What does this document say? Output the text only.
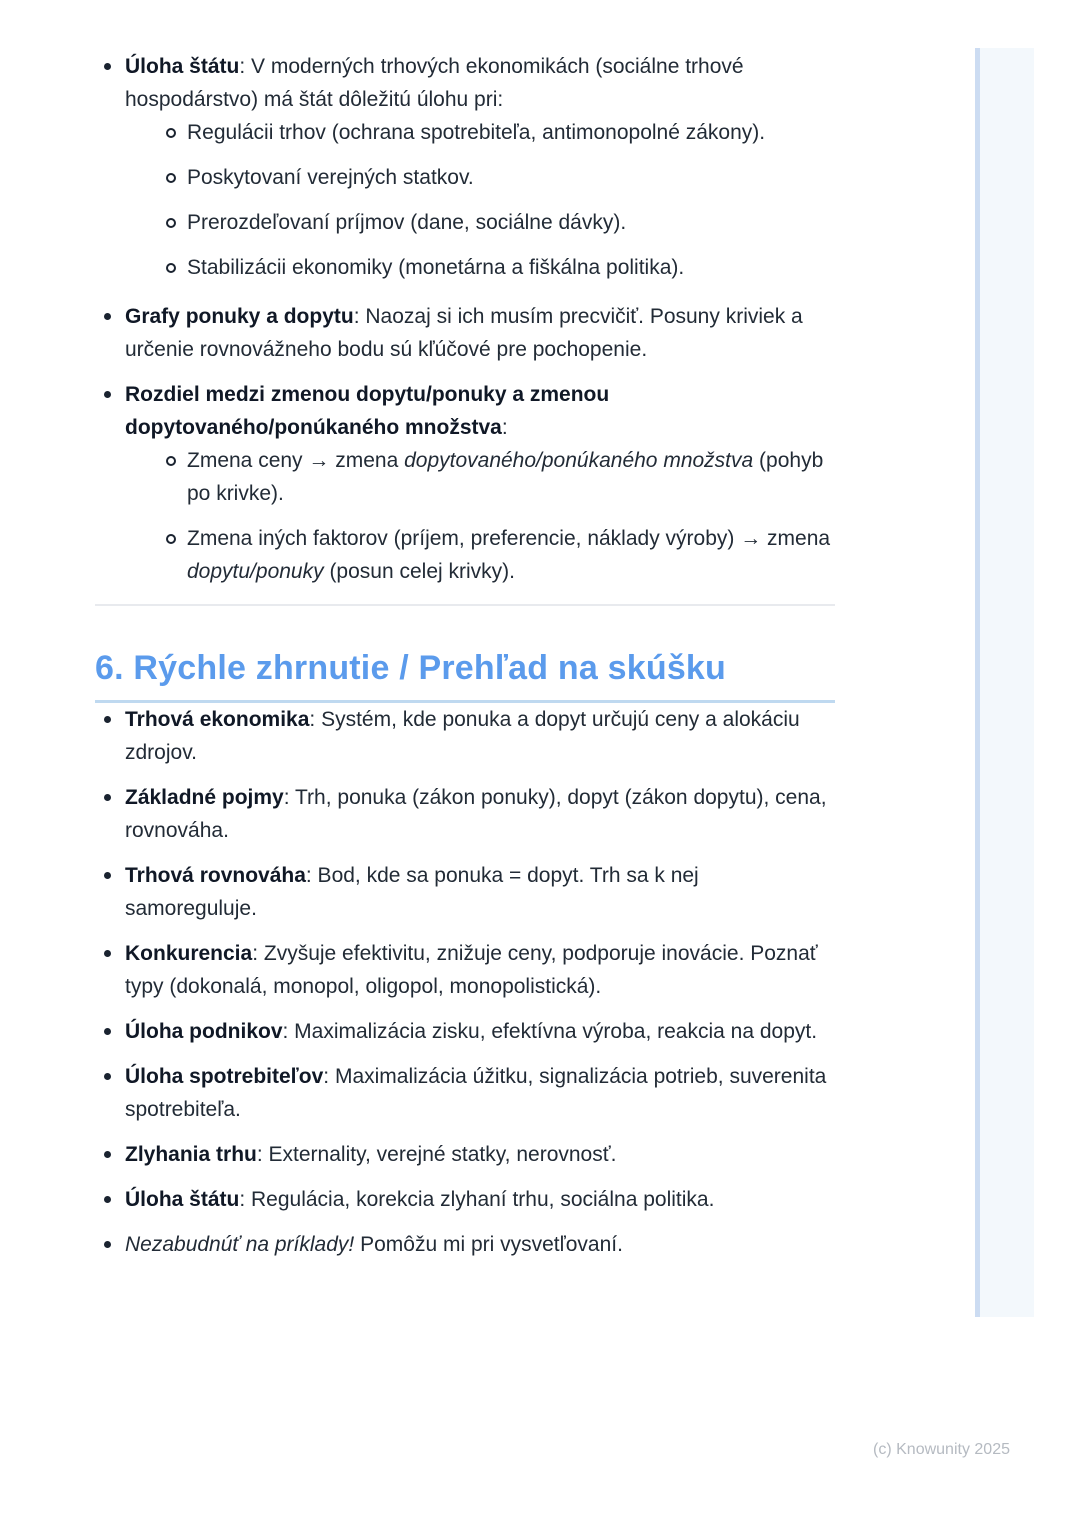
Úloha štátu: V moderných trhových ekonomikách (sociálne trhové hospodárstvo) má štát dôležitú úlohu pri:
Regulácii trhov (ochrana spotrebiteľa, antimonopolné zákony).
Poskytovaní verejných statkov.
Prerozdeľovaní príjmov (dane, sociálne dávky).
Stabilizácii ekonomiky (monetárna a fiškálna politika).
Grafy ponuky a dopytu: Naozaj si ich musím precvičiť. Posuny kriviek a určenie rovnovážneho bodu sú kľúčové pre pochopenie.
Rozdiel medzi zmenou dopytu/ponuky a zmenou dopytovaného/ponúkaného množstva:
Zmena ceny → zmena dopytovaného/ponúkaného množstva (pohyb po krivke).
Zmena iných faktorov (príjem, preferencie, náklady výroby) → zmena dopytu/ponuky (posun celej krivky).
6. Rýchle zhrnutie / Prehľad na skúšku
Trhová ekonomika: Systém, kde ponuka a dopyt určujú ceny a alokáciu zdrojov.
Základné pojmy: Trh, ponuka (zákon ponuky), dopyt (zákon dopytu), cena, rovnováha.
Trhová rovnováha: Bod, kde sa ponuka = dopyt. Trh sa k nej samoreguluje.
Konkurencia: Zvyšuje efektivitu, znižuje ceny, podporuje inovácie. Poznať typy (dokonalá, monopol, oligopol, monopolistická).
Úloha podnikov: Maximalizácia zisku, efektívna výroba, reakcia na dopyt.
Úloha spotrebiteľov: Maximalizácia úžitku, signalizácia potrieb, suverenita spotrebiteľa.
Zlyhania trhu: Externality, verejné statky, nerovnosť.
Úloha štátu: Regulácia, korekcia zlyhaní trhu, sociálna politika.
Nezabudnúť na príklady! Pomôžu mi pri vysvetľovaní.
(c) Knowunity 2025
